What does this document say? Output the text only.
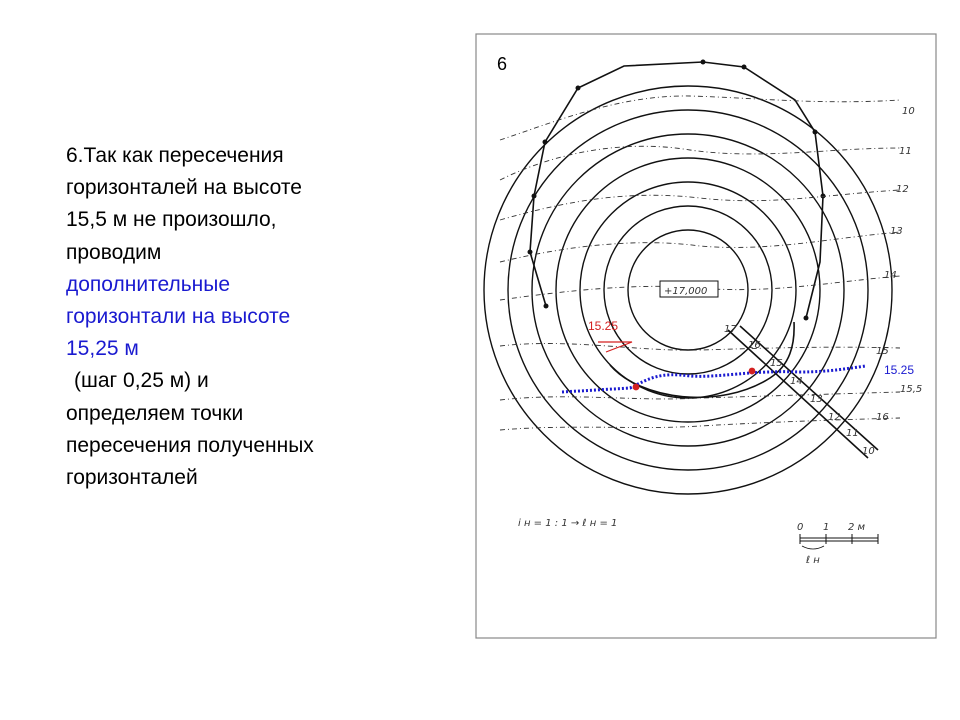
6.Так как пересечения
горизонталей на высоте
15,5 м не произошло,
проводим
дополнительные
горизонтали на высоте
15,25 м
(шаг 0,25 м) и
определяем точки
пересечения полученных
горизонталей
6
+17,000
15.25
15.25
10
11
12
13
14
15
15,5
16
17
16
15
14
13
12
11
10
i н = 1 : 1 → ℓ н = 1	0 1 2 м
ℓ н
